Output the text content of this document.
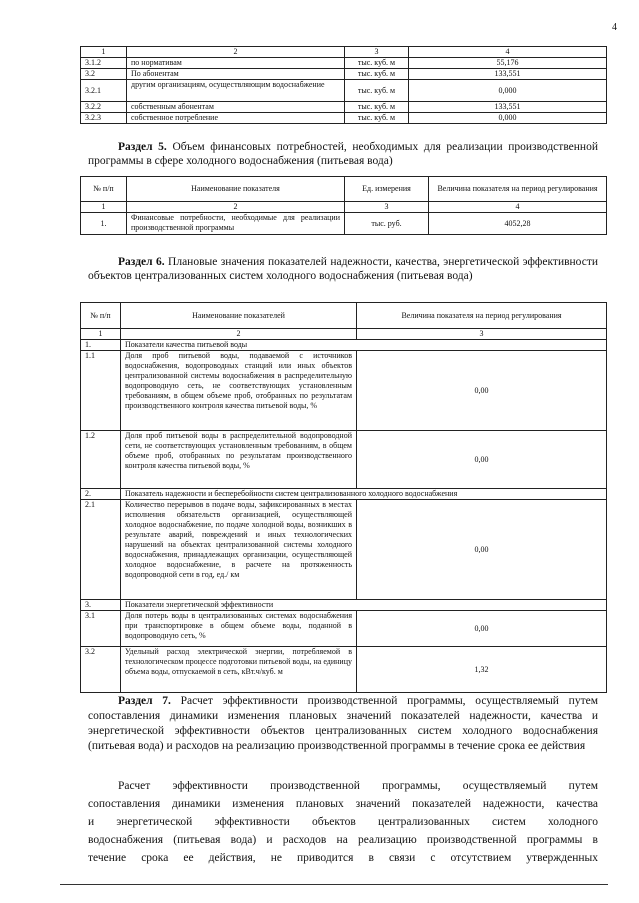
4
1	2	3	4
3.1.2	по нормативам	тыс. куб. м	55,176
3.2	По абонентам	тыс. куб. м	133,551
3.2.1	другим организациям, осуществляющим водоснабжение	тыс. куб. м	0,000
3.2.2	собственным абонентам	тыс. куб. м	133,551
3.2.3	собственное потребление	тыс. куб. м	0,000
Раздел 5. Объем финансовых потребностей, необходимых для реализации производственной программы в сфере холодного водоснабжения (питьевая вода)
№ п/п	Наименование показателя	Ед. измерения	Величина показателя на период регулирования
1	2	3	4
1.	Финансовые потребности, необходимые для реализации производственной программы	тыс. руб.	4052,28
Раздел 6. Плановые значения показателей надежности, качества, энергетической эффективности объектов централизованных систем холодного водоснабжения (питьевая вода)
№ п/п	Наименование показателей	Величина показателя на период регулирования
1	2	3
1.	Показатели качества питьевой воды	
1.1	Доля проб питьевой воды, подаваемой с источников водоснабжения, водопроводных станций или иных объектов централизованной системы водоснабжения в распределительную водопроводную сеть, не соответствующих установленным требованиям, в общем объеме проб, отобранных по результатам производственного контроля качества питьевой воды, %	0,00
1.2	Доля проб питьевой воды в распределительной водопроводной сети, не соответствующих установленным требованиям, в общем объеме проб, отобранных по результатам производственного контроля качества питьевой воды, %	0,00
2.	Показатель надежности и бесперебойности систем централизованного холодного водоснабжения	
2.1	Количество перерывов в подаче воды, зафиксированных в местах исполнения обязательств организацией, осуществляющей холодное водоснабжение, по подаче холодной воды, возникших в результате аварий, повреждений и иных технологических нарушений на объектах централизованной системы холодного водоснабжения, принадлежащих организации, осуществляющей холодное водоснабжение, в расчете на протяженность водопроводной сети в год, ед./ км	0,00
3.	Показатели энергетической эффективности	
3.1	Доля потерь воды в централизованных системах водоснабжения при транспортировке в общем объеме воды, поданной в водопроводную сеть, %	0,00
3.2	Удельный расход электрической энергии, потребляемой в технологическом процессе подготовки питьевой воды, на единицу объема воды, отпускаемой в сеть, кВт.ч/куб. м	1,32
Раздел 7. Расчет эффективности производственной программы, осуществляемый путем сопоставления динамики изменения плановых значений показателей надежности, качества и энергетической эффективности объектов централизованных систем холодного водоснабжения (питьевая вода) и расходов на реализацию производственной программы в течение срока ее действия
Расчет эффективности производственной программы, осуществляемый путем
сопоставления динамики изменения плановых значений показателей надежности, качества
и энергетической эффективности объектов централизованных систем холодного
водоснабжения (питьевая вода) и расходов на реализацию производственной программы в
течение срока ее действия, не приводится в связи с отсутствием утвержденных
